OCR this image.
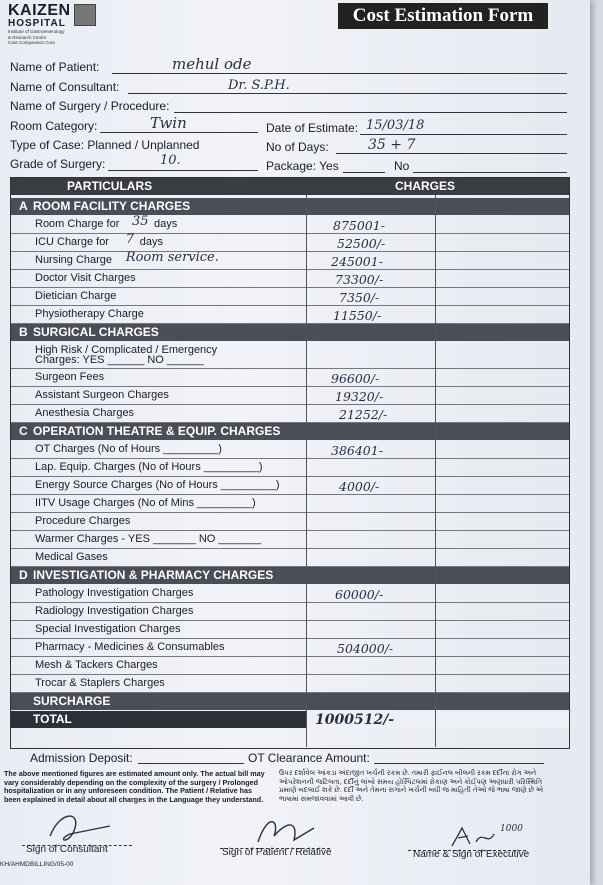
KAIZEN
HOSPITAL
Institute of Gastroenterology
& Research Centre
Care Compassion Cure
Cost Estimation Form
Name of Patient:	mehul ode
Name of Consultant:	Dr. S.P.H.
Name of Surgery / Procedure:
Room Category:	Twin	Date of Estimate: 15/03/18
Type of Case: Planned / Unplanned	No of Days:	35 + 7
Grade of Surgery:	10.	Package: Yes	No
PARTICULARS	CHARGES
A ROOM FACILITY CHARGES
Room Charge for 35 days	875001-
ICU Charge for 7 days	52500/-
Nursing Charge Room service.	245001-
Doctor Visit Charges	73300/-
Dietician Charge	7350/-
Physiotherapy Charge	11550/-
B SURGICAL CHARGES
High Risk / Complicated / Emergency
Charges: YES ______ NO ______
Surgeon Fees	96600/-
Assistant Surgeon Charges	19320/-
Anesthesia Charges	21252/-
C OPERATION THEATRE & EQUIP. CHARGES
OT Charges (No of Hours _________)	386401-
Lap. Equip. Charges (No of Hours _________)
Energy Source Charges (No of Hours _________)	4000/-
IITV Usage Charges (No of Mins _________)
Procedure Charges
Warmer Charges - YES _______ NO _______
Medical Gases
D INVESTIGATION & PHARMACY CHARGES
Pathology Investigation Charges	60000/-
Radiology Investigation Charges
Special Investigation Charges
Pharmacy - Medicines & Consumables	504000/-
Mesh & Tackers Charges
Trocar & Staplers Charges
SURCHARGE
TOTAL	1000512/-
Admission Deposit:	OT Clearance Amount:
The above mentioned figures are estimated amount only. The actual bill may vary considerably depending on the complexity of the surgery / Prolonged hospitalization or in any unforeseen condition. The Patient / Relative has been explained in detail about all charges in the Language they understand.
ઉપર દર્શાવેલ આંકડા અંદાજીત ખર્ચની રકમ છે. તમારી ફાઈનલ બીલની રકમ દર્દીના રોગ અને ઓપરેશનની જટિલતા, દર્દીનું લાંબો સમય હોસ્પિટલમાં રોકાણ અને કોઈપણ અણધારી પરિસ્થિતિ પ્રમાણે બદલાઈ શકે છે. દર્દી અને તેમના સગાને ખર્ચની બધી જ માહિતી તેઓ જે ભાષા જાણે છે એ ભાષામાં સમજાવવામાં આવી છે.
Sign of Consultant	Sign of Patient / Relative
1000
Name & Sign of Executive
KH/AHMDBILLING/05-00
